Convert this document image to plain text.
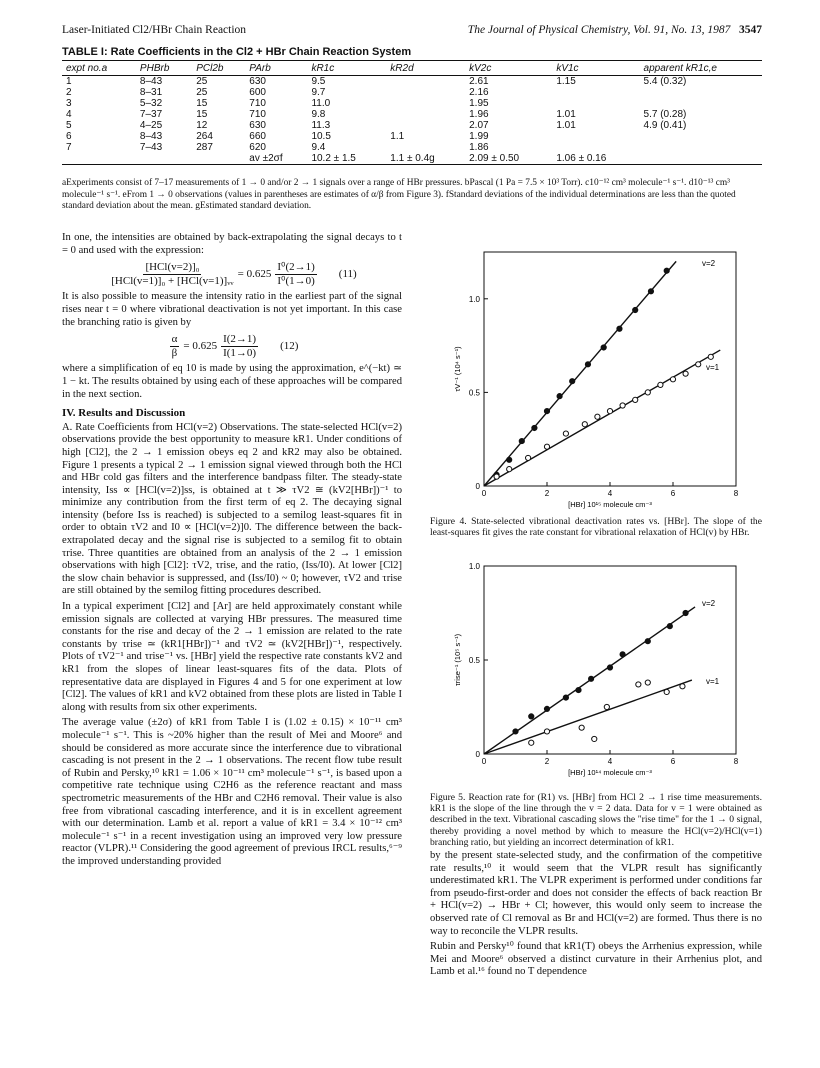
Laser-Initiated Cl2/HBr Chain Reaction	The Journal of Physical Chemistry, Vol. 91, No. 13, 1987 3547
TABLE I: Rate Coefficients in the Cl2 + HBr Chain Reaction System
expt no.a	PHBrb	PCl2b	PArb	kR1c	kR2d	kV2c	kV1c	apparent kR1c,e
1	8–43	25	630	9.5		2.61	1.15	5.4 (0.32)
2	8–31	25	600	9.7		2.16		
3	5–32	15	710	11.0		1.95		
4	7–37	15	710	9.8		1.96	1.01	5.7 (0.28)
5	4–25	12	630	11.3		2.07	1.01	4.9 (0.41)
6	8–43	264	660	10.5	1.1	1.99		
7	7–43	287	620	9.4		1.86		
			av ±2σf	10.2 ± 1.5	1.1 ± 0.4g	2.09 ± 0.50	1.06 ± 0.16	
aExperiments consist of 7–17 measurements of 1 → 0 and/or 2 → 1 signals over a range of HBr pressures. bPascal (1 Pa = 7.5 × 10³ Torr). c10⁻¹² cm³ molecule⁻¹ s⁻¹. d10⁻¹³ cm³ molecule⁻¹ s⁻¹. eFrom 1 → 0 observations (values in parentheses are estimates of α/β from Figure 3). fStandard deviations of the individual determinations are less than the quoted standard deviation about the mean. gEstimated standard deviation.

In one, the intensities are obtained by back-extrapolating the signal decays to t = 0 and used with the expression:

$\frac{\text{[HCl(v=2)]₀}}{\text{[HCl(v=1)]₀ + [HCl(v=1)]ᵥᵥ}} = 0.625 \frac{\text{I⁰(2→1)}}{\text{I⁰(1→0)}} (11)$

It is also possible to measure the intensity ratio in the earliest part of the signal rises near t = 0 where vibrational deactivation is not yet important. In this case the branching ratio is given by

$\frac{\alpha}{\beta} = 0.625 \frac{I(2\to 1)}{I(1\to 0)} (12)$

where a simplification of eq 10 is made by using the approximation, e^(−kt) ≃ 1 − kt. The results obtained by using each of these approaches will be compared in the next section.

IV. Results and Discussion

A. Rate Coefficients from HCl(v=2) Observations. The state-selected HCl(v=2) observations provide the best opportunity to measure kR1. Under conditions of high [Cl2], the 2 → 1 emission obeys eq 2 and kR2 may also be obtained. Figure 1 presents a typical 2 → 1 emission signal viewed through both the HCl and HBr cold gas filters and the interference bandpass filter. The steady-state intensity, Iss ∝ [HCl(v=2)]ss, is obtained at t ≫ τV2 ≅ (kV2[HBr])⁻¹ to minimize any contribution from the first term of eq 2. The decaying signal intensity (before Iss is reached) is subjected to a semilog least-squares fit in order to obtain τV2 and I0 ∝ [HCl(v=2)]0. The difference between the back-extrapolated decay and the signal rise is subjected to a semilog fit to obtain τrise. Three quantities are obtained from an analysis of the 2 → 1 emission observations with high [Cl2]: τV2, τrise, and the ratio, (Iss/I0). At lower [Cl2] the slow chain behavior is suppressed, and (Iss/I0) ~ 0; however, τV2 and τrise are still obtained by the semilog fitting procedures described.

In a typical experiment [Cl2] and [Ar] are held approximately constant while emission signals are collected at varying HBr pressures. The measured time constants for the rise and decay of the 2 → 1 emission are related to the rate constants by τrise ≃ (kR1[HBr])⁻¹ and τV2 ≃ (kV2[HBr])⁻¹, respectively. Plots of τV2⁻¹ and τrise⁻¹ vs. [HBr] yield the respective rate constants kV2 and kR1 from the slopes of linear least-squares fits of the data. Plots of representative data are displayed in Figures 4 and 5 for one experiment at low [Cl2]. The values of kR1 and kV2 obtained from these plots are listed in Table I along with results from six other experiments.

The average value (±2σ) of kR1 from Table I is (1.02 ± 0.15) × 10⁻¹¹ cm³ molecule⁻¹ s⁻¹. This is ~20% higher than the result of Mei and Moore⁶ and should be considered as more accurate since the interference due to vibrational cascading is not present in the 2 → 1 observations. The recent flow tube result of Rubin and Persky,¹⁰ kR1 = 1.06 × 10⁻¹¹ cm³ molecule⁻¹ s⁻¹, is based upon a competitive rate technique using C2H6 as the reference reactant and mass spectrometric measurements of the HBr and C2H6 removal. Their value is also free from vibrational cascading interference, and it is in excellent agreement with our determination. Lamb et al. report a value of kR1 = 3.4 × 10⁻¹² cm³ molecule⁻¹ s⁻¹ in a recent investigation using an improved very low pressure reactor (VLPR).¹¹ Considering the good agreement of previous IRCL results,⁶⁻⁹ the improved understanding provided

0	2	4	6	8
0
0.5
1.0
[HBr] 10¹⁵ molecule cm⁻³
τV⁻¹ (10⁴ s⁻¹)
v=2
v=1
Figure 4. State-selected vibrational deactivation rates vs. [HBr]. The slope of the least-squares fit gives the rate constant for vibrational relaxation of HCl(v) by HBr.
0	2	4	6	8
0
0.5
1.0
[HBr] 10¹⁴ molecule cm⁻³
τrise⁻¹ (10⁵ s⁻¹)
v=2
v=1
Figure 5. Reaction rate for (R1) vs. [HBr] from HCl 2 → 1 rise time measurements. kR1 is the slope of the line through the v = 2 data. Data for v = 1 were obtained as described in the text. Vibrational cascading slows the "rise time" for the 1 → 0 signal, thereby providing a novel method by which to measure the HCl(v=2)/HCl(v=1) branching ratio, but yielding an incorrect determination of kR1.

by the present state-selected study, and the confirmation of the competitive rate results,¹⁰ it would seem that the VLPR result has significantly underestimated kR1. The VLPR experiment is performed under conditions far from pseudo-first-order and does not consider the effects of back reaction Br + HCl(v=2) → HBr + Cl; however, this would only seem to increase the observed rate of Cl removal as Br and HCl(v=2) are formed. Thus there is no way to reconcile the VLPR results.

Rubin and Persky¹⁰ found that kR1(T) obeys the Arrhenius expression, while Mei and Moore⁶ observed a distinct curvature in their Arrhenius plot, and Lamb et al.¹⁶ found no T dependence
